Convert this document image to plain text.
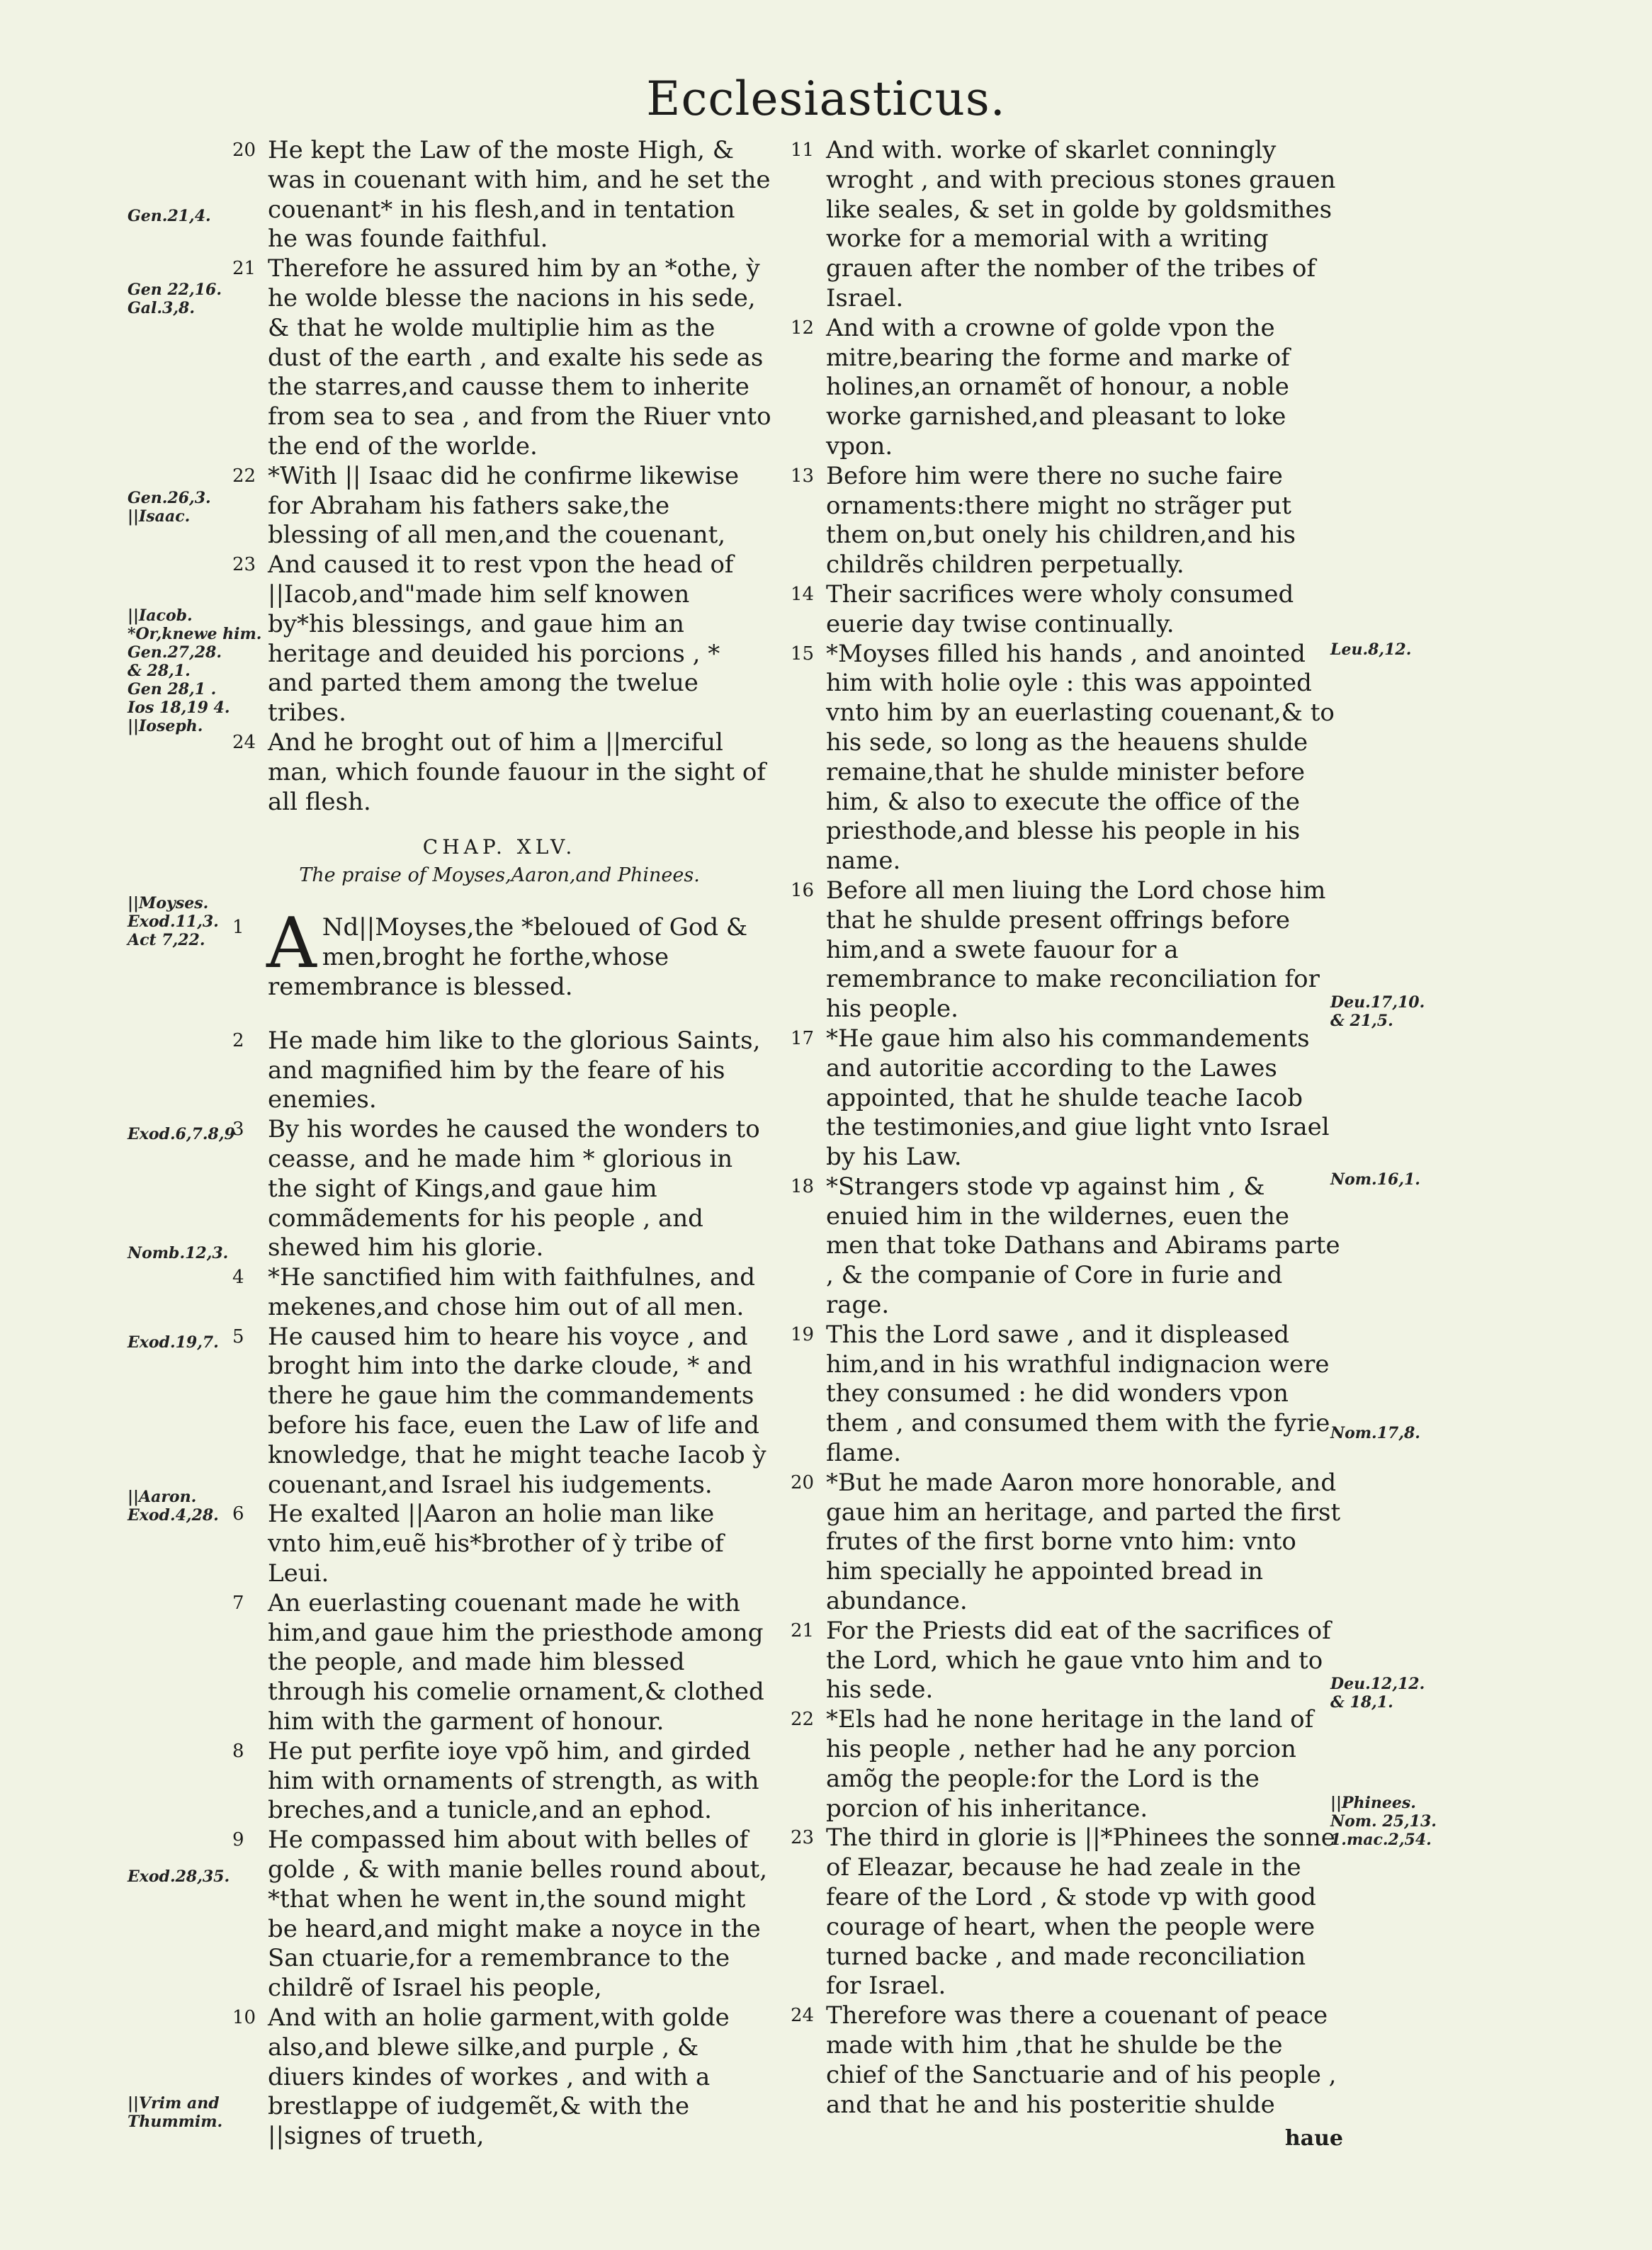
Ecclesiasticus.

20 He kept the Law of the moste High, & was in couenant with him, and he set the couenant* in his flesh,and in tentation he was founde faithful.

21 Therefore he assured him by an *othe, ỳ he wolde blesse the nacions in his sede, & that he wolde multiplie him as the dust of the earth , and exalte his sede as the starres,and causse them to inherite from sea to sea , and from the Riuer vnto the end of the worlde.

22 *With || Isaac did he confirme likewise for Abraham his fathers sake,the blessing of all men,and the couenant,

23 And caused it to rest vpon the head of ||Iacob,and"made him self knowen by*his blessings, and gaue him an heritage and deuided his porcions , * and parted them among the twelue tribes.

24 And he broght out of him a ||merciful man, which founde fauour in the sight of all flesh.

CHAP. XLV.
The praise of Moyses,Aaron,and Phinees.

1 A Nd||Moyses,the *beloued of God & men,broght he forthe,whose remembrance is blessed.

2 He made him like to the glorious Saints, and magnified him by the feare of his enemies.

3 By his wordes he caused the wonders to ceasse, and he made him * glorious in the sight of Kings,and gaue him commãdements for his people , and shewed him his glorie.

4 *He sanctified him with faithfulnes, and mekenes,and chose him out of all men.

5 He caused him to heare his voyce , and broght him into the darke cloude, * and there he gaue him the commandements before his face, euen the Law of life and knowledge, that he might teache Iacob ỳ couenant,and Israel his iudgements.

6 He exalted ||Aaron an holie man like vnto him,euẽ his*brother of ỳ tribe of Leui.

7 An euerlasting couenant made he with him,and gaue him the priesthode among the people, and made him blessed through his comelie ornament,& clothed him with the garment of honour.

8 He put perfite ioye vpõ him, and girded him with ornaments of strength, as with breches,and a tunicle,and an ephod.

9 He compassed him about with belles of golde , & with manie belles round about, *that when he went in,the sound might be heard,and might make a noyce in the San ctuarie,for a remembrance to the childrẽ of Israel his people,

10 And with an holie garment,with golde also,and blewe silke,and purple , & diuers kindes of workes , and with a brestlappe of iudgemẽt,& with the ||signes of trueth,

11 And with. worke of skarlet conningly wroght , and with precious stones grauen like seales, & set in golde by goldsmithes worke for a memorial with a writing grauen after the nomber of the tribes of Israel.

12 And with a crowne of golde vpon the mitre,bearing the forme and marke of holines,an ornamẽt of honour, a noble worke garnished,and pleasant to loke vpon.

13 Before him were there no suche faire ornaments:there might no strãger put them on,but onely his children,and his childrẽs children perpetually.

14 Their sacrifices were wholy consumed euerie day twise continually.

15 *Moyses filled his hands , and anointed him with holie oyle : this was appointed vnto him by an euerlasting couenant,& to his sede, so long as the heauens shulde remaine,that he shulde minister before him, & also to execute the office of the priesthode,and blesse his people in his name.

16 Before all men liuing the Lord chose him that he shulde present offrings before him,and a swete fauour for a remembrance to make reconciliation for his people.

17 *He gaue him also his commandements and autoritie according to the Lawes appointed, that he shulde teache Iacob the testimonies,and giue light vnto Israel by his Law.

18 *Strangers stode vp against him , & enuied him in the wildernes, euen the men that toke Dathans and Abirams parte , & the companie of Core in furie and rage.

19 This the Lord sawe , and it displeased him,and in his wrathful indignacion were they consumed : he did wonders vpon them , and consumed them with the fyrie flame.

20 *But he made Aaron more honorable, and gaue him an heritage, and parted the first frutes of the first borne vnto him: vnto him specially he appointed bread in abundance.

21 For the Priests did eat of the sacrifices of the Lord, which he gaue vnto him and to his sede.

22 *Els had he none heritage in the land of his people , nether had he any porcion amõg the people:for the Lord is the porcion of his inheritance.

23 The third in glorie is ||*Phinees the sonne of Eleazar, because he had zeale in the feare of the Lord , & stode vp with good courage of heart, when the people were turned backe , and made reconciliation for Israel.

24 Therefore was there a couenant of peace made with him ,that he shulde be the chief of the Sanctuarie and of his people , and that he and his posteritie shulde

haue
Gen.21,4.
Gen 22,16.
Gal.3,8.
Gen.26,3.
||Isaac.
||Iacob.
*Or,knewe him.
Gen.27,28.
& 28,1.
Gen 28,1 .
Ios 18,19 4.
||Ioseph.
||Moyses.
Exod.11,3.
Act 7,22.
Exod.6,7.8,9
Nomb.12,3.
Exod.19,7.
||Aaron.
Exod.4,28.
Exod.28,35.
||Vrim and
Thummim.
Leu.8,12.
Deu.17,10.
& 21,5.
Nom.16,1.
Nom.17,8.
Deu.12,12.
& 18,1.
||Phinees.
Nom. 25,13.
1.mac.2,54.
